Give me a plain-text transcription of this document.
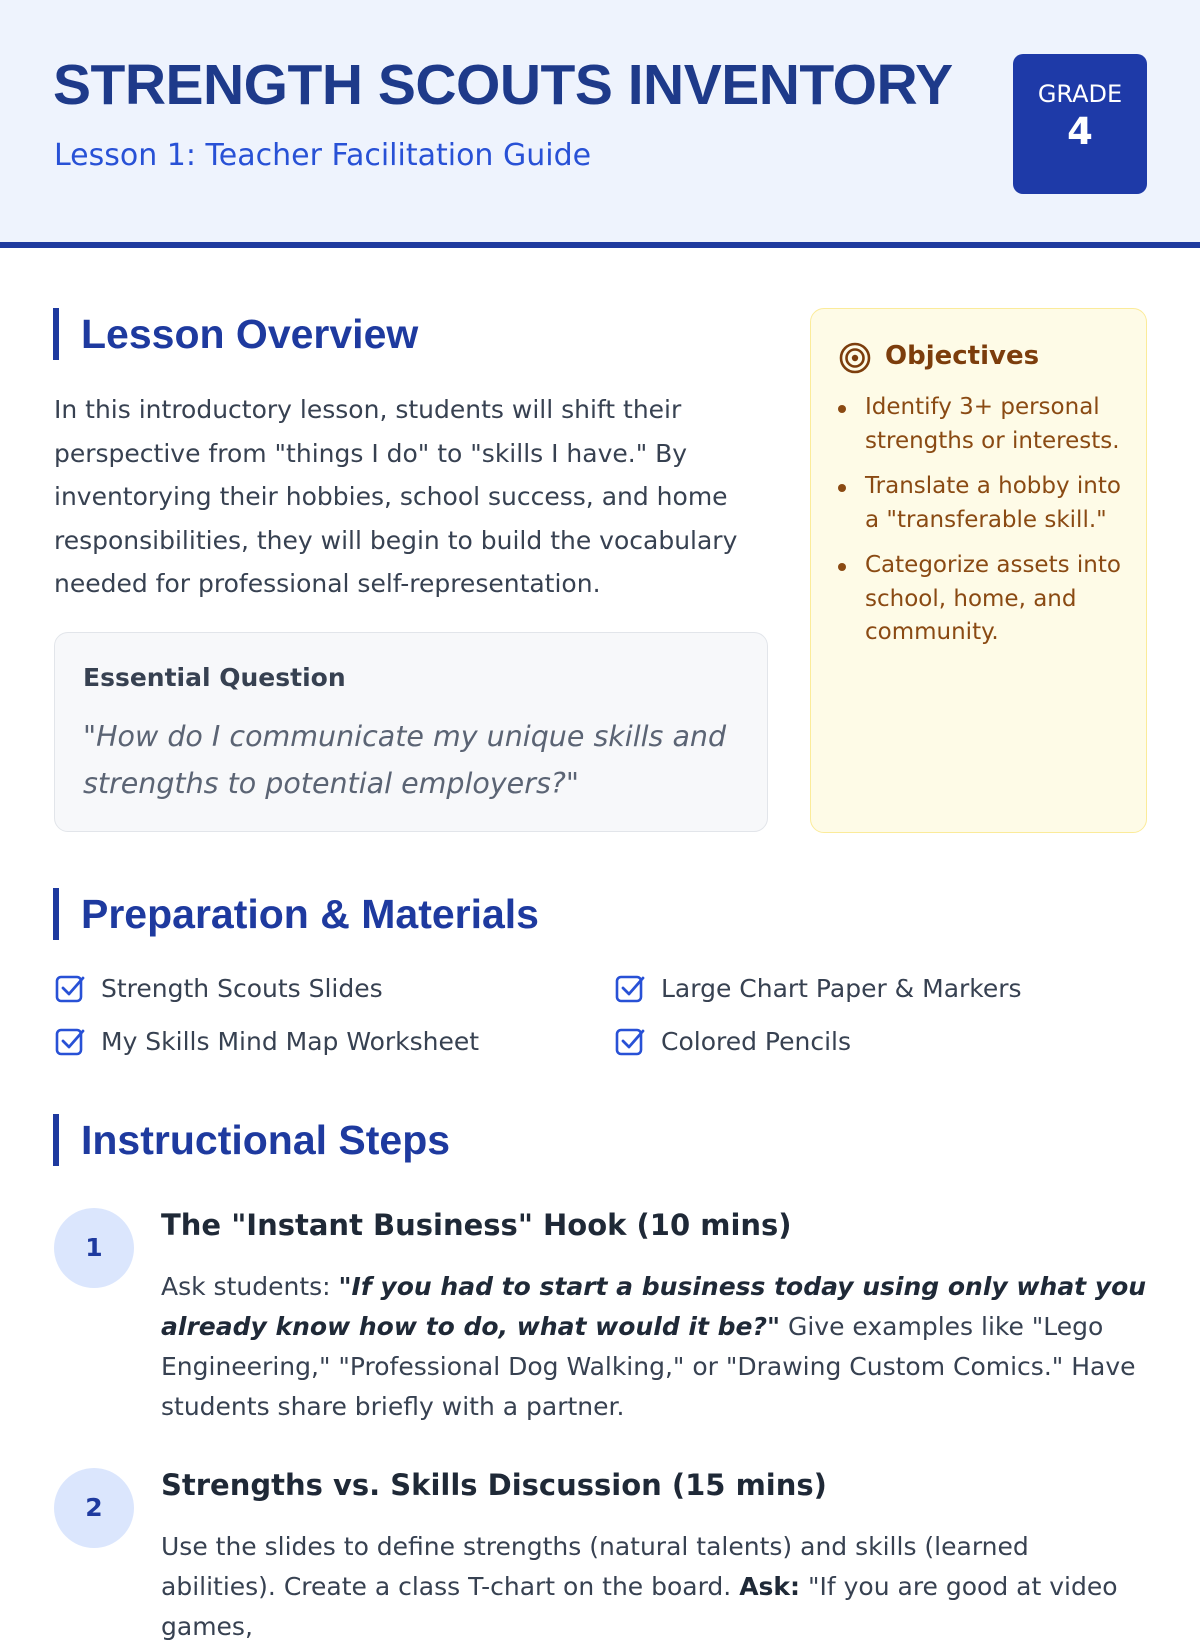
STRENGTH SCOUTS INVENTORY
Lesson 1: Teacher Facilitation Guide
GRADE
4
Lesson Overview

In this introductory lesson, students will shift their perspective from "things I do" to "skills I have." By inventorying their hobbies, school success, and home responsibilities, they will begin to build the vocabulary needed for professional self-representation.

Essential Question

"How do I communicate my unique skills and strengths to potential employers?"

Objectives
Identify 3+ personal strengths or interests.
Translate a hobby into a "transferable skill."
Categorize assets into school, home, and community.
Preparation & Materials
Strength Scouts Slides	Large Chart Paper & Markers
My Skills Mind Map Worksheet	Colored Pencils
Instructional Steps
1
The "Instant Business" Hook (10 mins)

Ask students: "If you had to start a business today using only what you already know how to do, what would it be?" Give examples like "Lego Engineering," "Professional Dog Walking," or "Drawing Custom Comics." Have students share briefly with a partner.

2
Strengths vs. Skills Discussion (15 mins)

Use the slides to define strengths (natural talents) and skills (learned abilities). Create a class T-chart on the board. Ask: "If you are good at video games,
